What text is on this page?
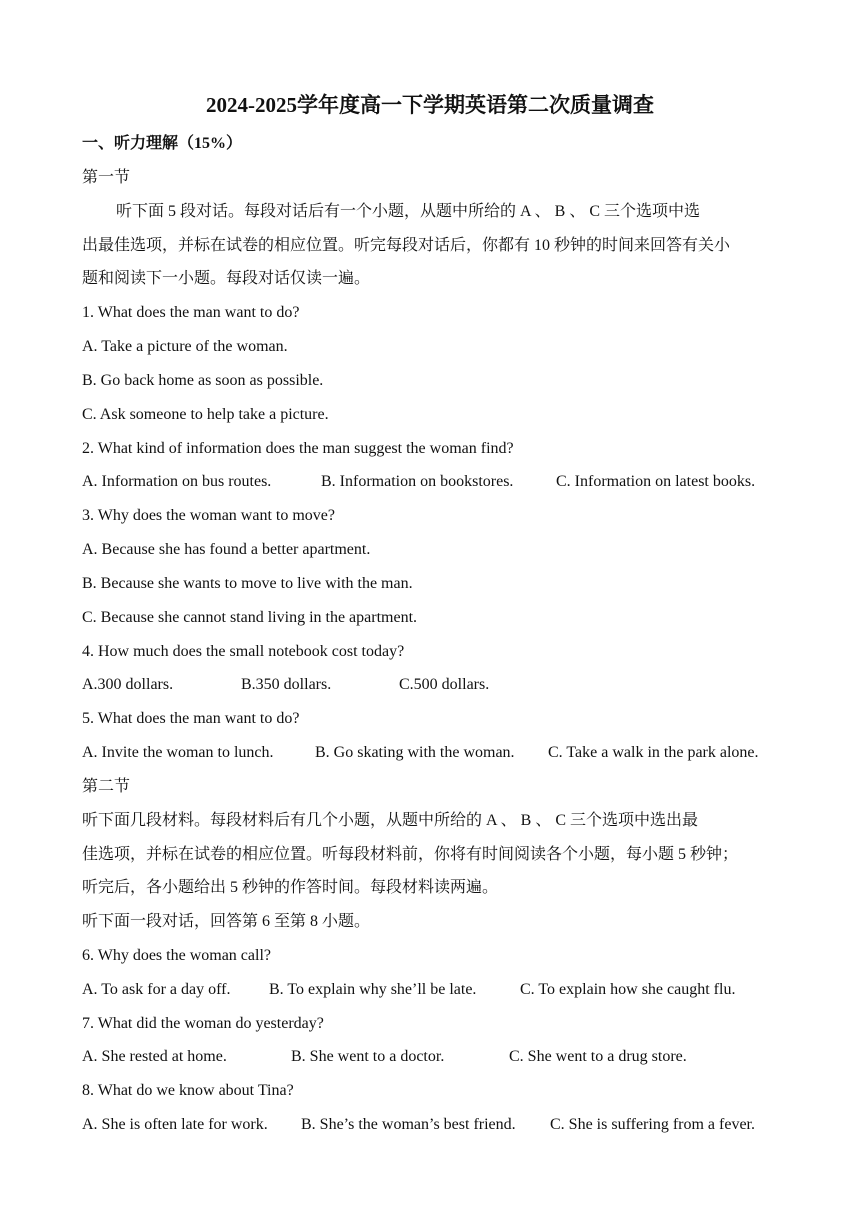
2024-2025学年度高一下学期英语第二次质量调查
一、听力理解（15%）
第一节
听下面 5 段对话。每段对话后有一个小题，从题中所给的 A 、 B 、 C 三个选项中选
出最佳选项，并标在试卷的相应位置。听完每段对话后，你都有 10 秒钟的时间来回答有关小
题和阅读下一小题。每段对话仅读一遍。
1. What does the man want to do?
A. Take a picture of the woman.
B. Go back home as soon as possible.
C. Ask someone to help take a picture.
2. What kind of information does the man suggest the woman find?
A. Information on bus routes.	B. Information on bookstores.	C. Information on latest books.
3. Why does the woman want to move?
A. Because she has found a better apartment.
B. Because she wants to move to live with the man.
C. Because she cannot stand living in the apartment.
4. How much does the small notebook cost today?
A.300 dollars.	B.350 dollars.	C.500 dollars.
5. What does the man want to do?
A. Invite the woman to lunch.	B. Go skating with the woman. C. Take a walk in the park alone.
第二节
听下面几段材料。每段材料后有几个小题，从题中所给的 A 、 B 、 C 三个选项中选出最
佳选项，并标在试卷的相应位置。听每段材料前，你将有时间阅读各个小题，每小题 5 秒钟；
听完后，各小题给出 5 秒钟的作答时间。每段材料读两遍。
听下面一段对话，回答第 6 至第 8 小题。
6. Why does the woman call?
A. To ask for a day off. B. To explain why she’ll be late.	C. To explain how she caught flu.
7. What did the woman do yesterday?
A. She rested at home.	B. She went to a doctor.	C. She went to a drug store.
8. What do we know about Tina?
A. She is often late for work. B. She’s the woman’s best friend. C. She is suffering from a fever.
